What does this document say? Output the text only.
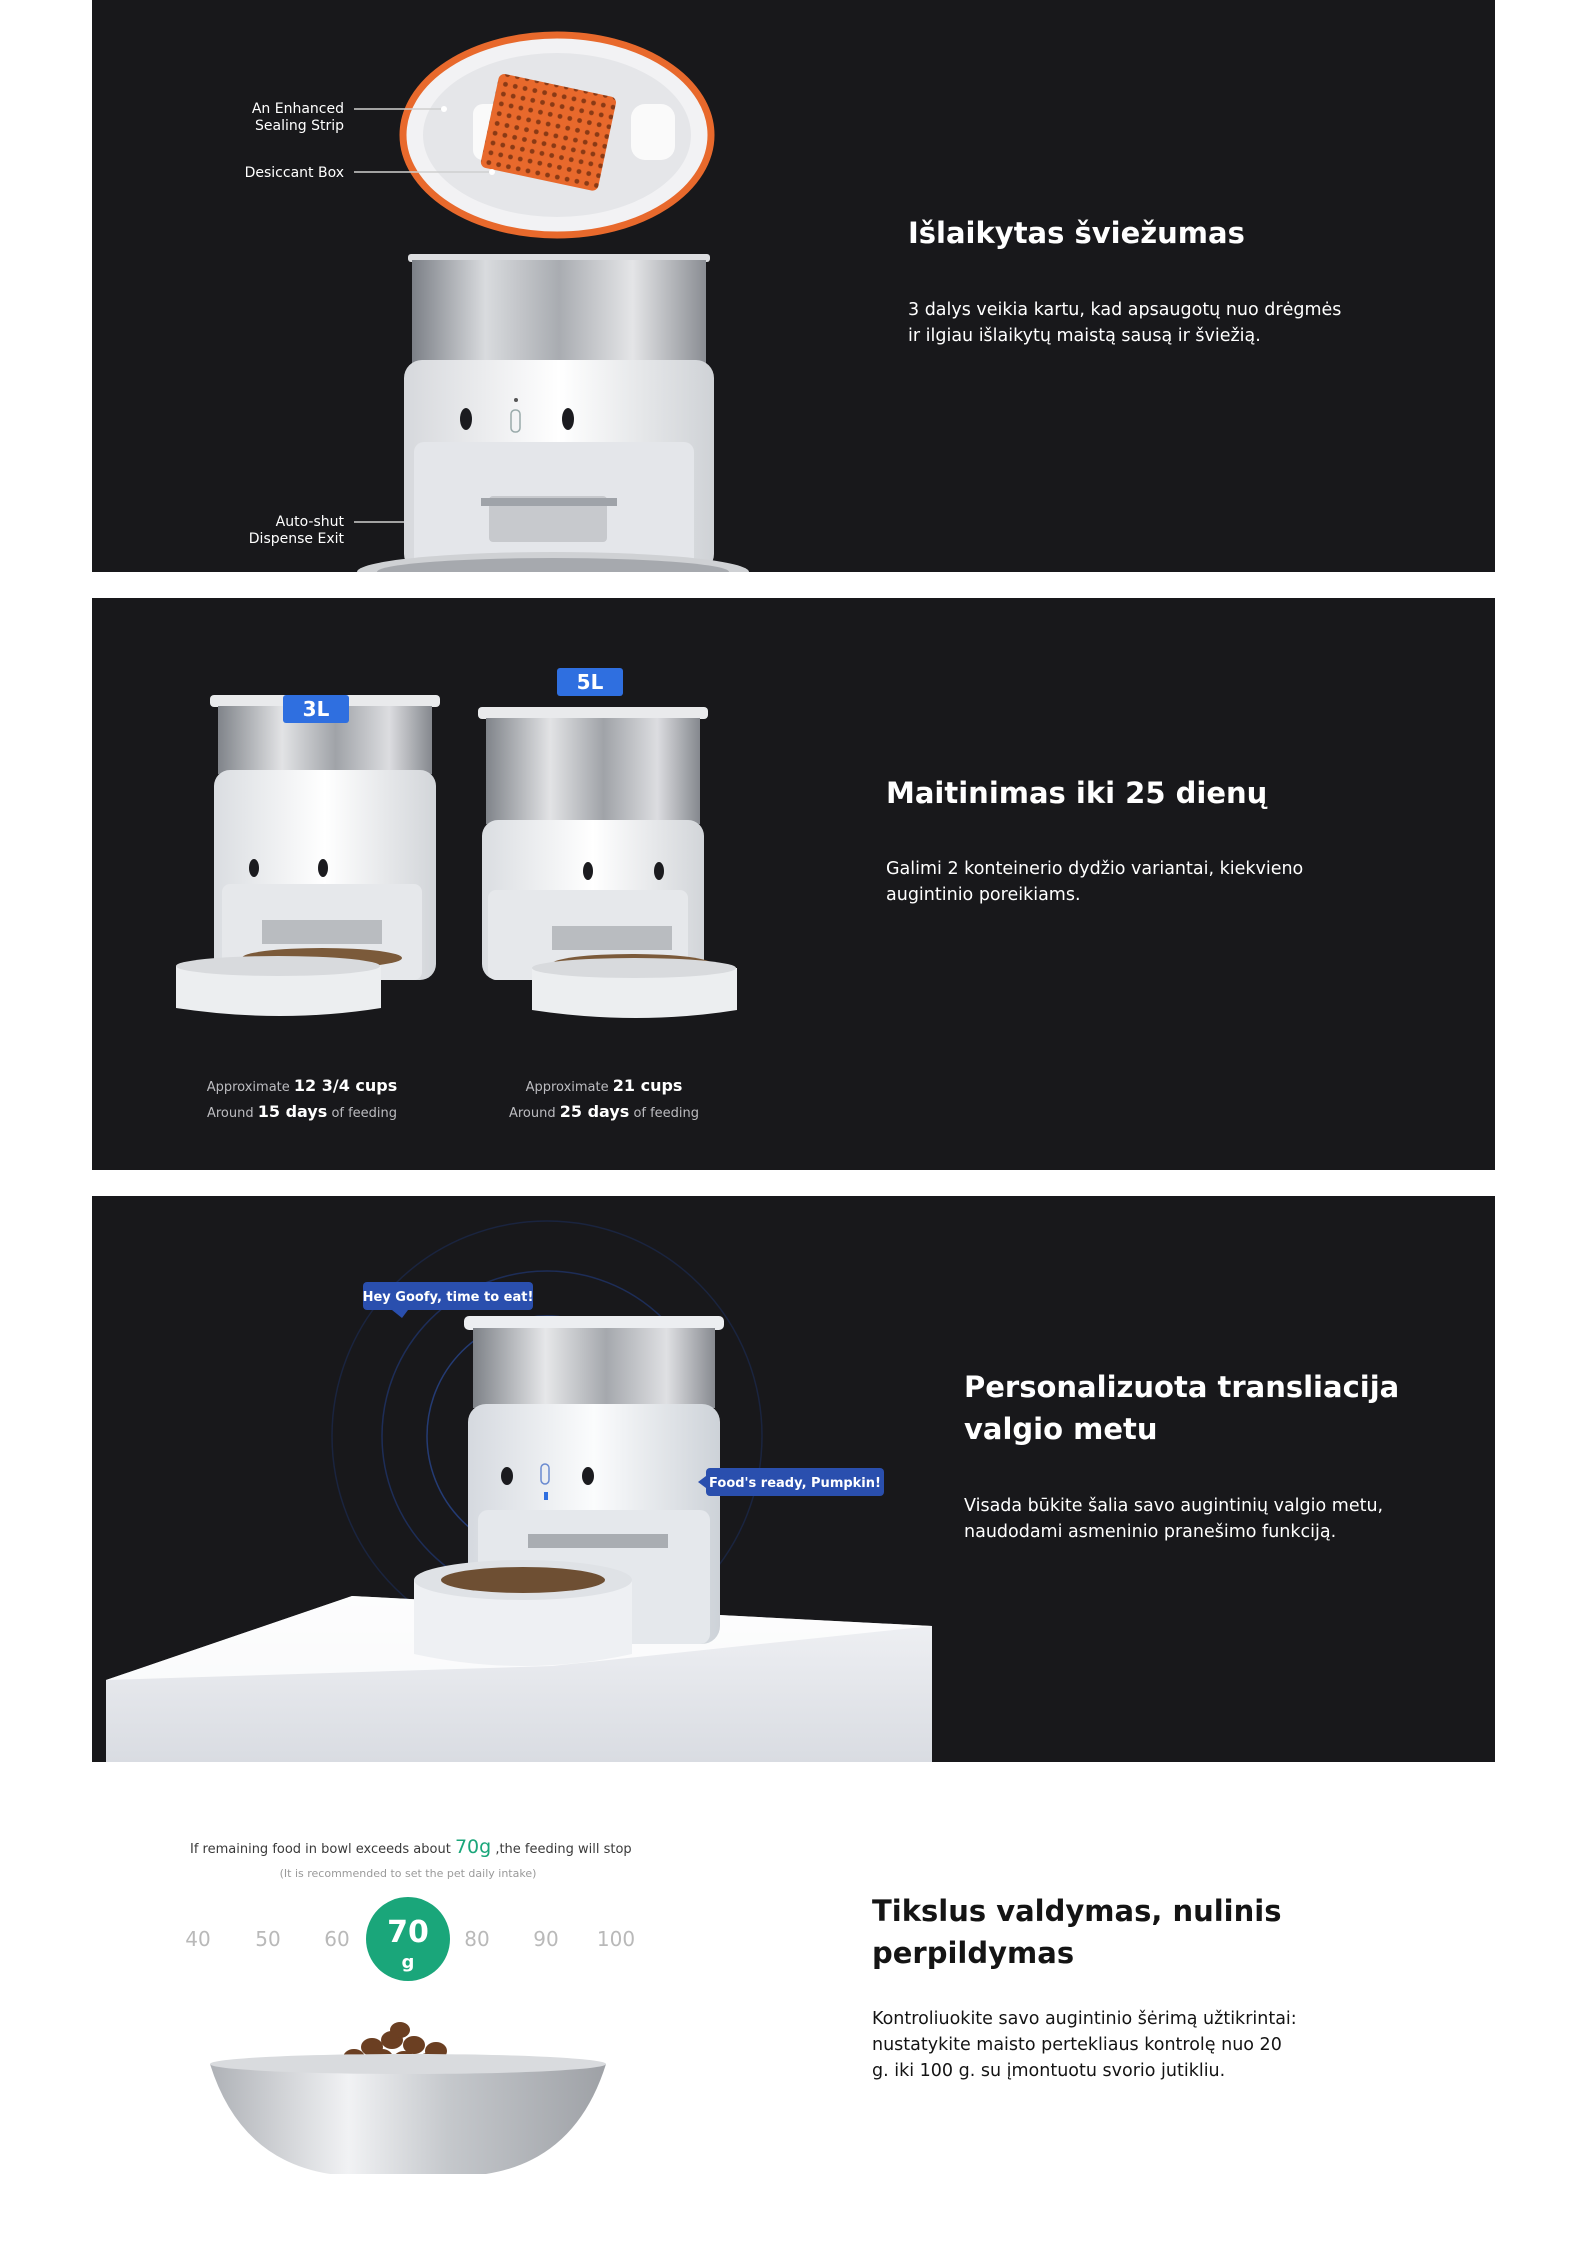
An Enhanced
Sealing Strip
Desiccant Box
Auto-shut
Dispense Exit
Išlaikytas šviežumas

3 dalys veikia kartu, kad apsaugotų nuo drėgmės ir ilgiau išlaikytų maistą sausą ir šviežią.

3L
5L
Approximate 12 3/4 cups
Around 15 days of feeding
Approximate 21 cups
Around 25 days of feeding
Maitinimas iki 25 dienų

Galimi 2 konteinerio dydžio variantai, kiekvieno augintinio poreikiams.

Hey Goofy, time to eat!
Food's ready, Pumpkin!
Personalizuota transliacija
valgio metu

Visada būkite šalia savo augintinių valgio metu, naudodami asmeninio pranešimo funkciją.

If remaining food in bowl exceeds about 70g ,the feeding will stop
(It is recommended to set the pet daily intake)
40 50 60	80 90 100
70
g
Tikslus valdymas, nulinis
perpildymas

Kontroliuokite savo augintinio šėrimą užtikrintai: nustatykite maisto pertekliaus kontrolę nuo 20 g. iki 100 g. su įmontuotu svorio jutikliu.
